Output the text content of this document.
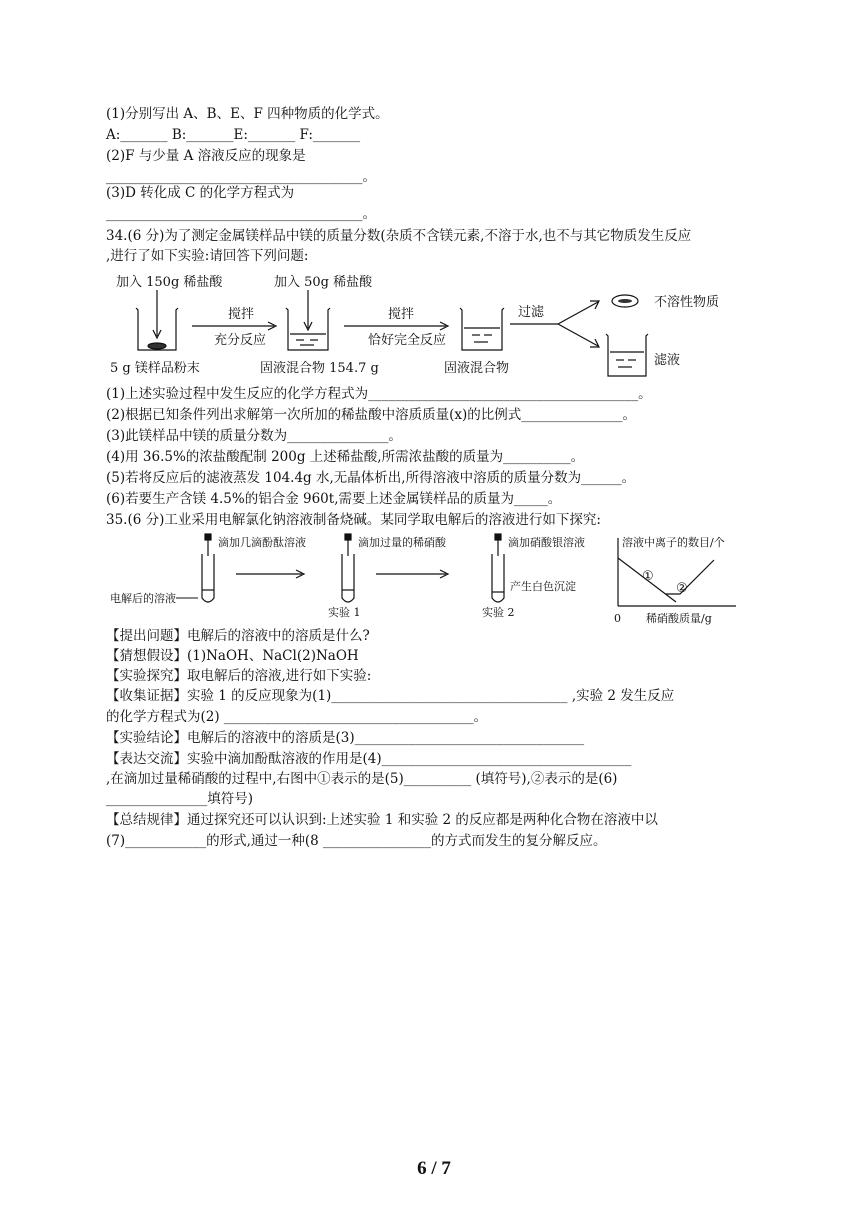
(1)分别写出 A、B、E、F 四种物质的化学式。
A:_______ B:_______E:_______ F:_______
(2)F 与少量 A 溶液反应的现象是
______________________________________。
(3)D 转化成 C 的化学方程式为
______________________________________。
34.(6 分)为了测定金属镁样品中镁的质量分数(杂质不含镁元素,不溶于水,也不与其它物质发生反应
,进行了如下实验:请回答下列问题:
加入 150g 稀盐酸	加入 50g 稀盐酸
搅拌
充分反应
搅拌
恰好完全反应
过滤
不溶性物质
滤液
5 g 镁样品粉末	固液混合物 154.7 g	固液混合物
(1)上述实验过程中发生反应的化学方程式为________________________________________。
(2)根据已知条件列出求解第一次所加的稀盐酸中溶质质量(x)的比例式_______________。
(3)此镁样品中镁的质量分数为_______________。
(4)用 36.5%的浓盐酸配制 200g 上述稀盐酸,所需浓盐酸的质量为__________。
(5)若将反应后的滤液蒸发 104.4g 水,无晶体析出,所得溶液中溶质的质量分数为______。
(6)若要生产含镁 4.5%的铝合金 960t,需要上述金属镁样品的质量为_____。
35.(6 分)工业采用电解氯化钠溶液制备烧碱。某同学取电解后的溶液进行如下探究:
滴加几滴酚酞溶液
电解后的溶液
滴加过量的稀硝酸
实验 1
滴加硝酸银溶液
产生白色沉淀
实验 2
溶液中离子的数目/个
①
②
0 稀硝酸质量/g
【提出问题】电解后的溶液中的溶质是什么?
【猜想假设】(1)NaOH、NaCl(2)NaOH
【实验探究】取电解后的溶液,进行如下实验:
【收集证据】实验 1 的反应现象为(1)___________________________________ ,实验 2 发生反应
的化学方程式为(2) _____________________________________。
【实验结论】电解后的溶液中的溶质是(3)__________________________________
【表达交流】实验中滴加酚酞溶液的作用是(4)_____________________________________
,在滴加过量稀硝酸的过程中,右图中①表示的是(5)__________ (填符号),②表示的是(6)
_______________填符号)
【总结规律】通过探究还可以认识到:上述实验 1 和实验 2 的反应都是两种化合物在溶液中以
(7)____________的形式,通过一种(8 ________________的方式而发生的复分解反应。
6 / 7
